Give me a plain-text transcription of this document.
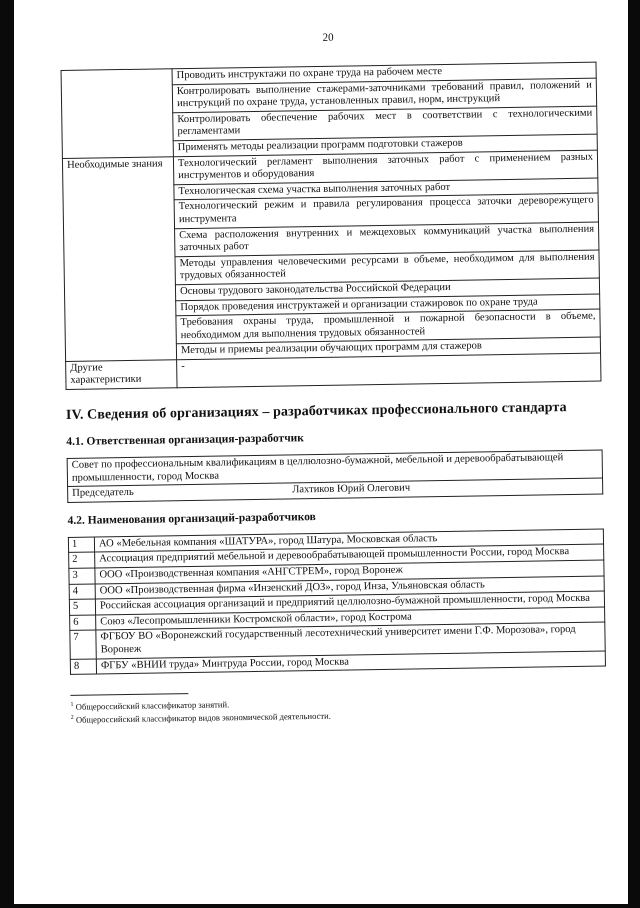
20
	Проводить инструктажи по охране труда на рабочем месте
	Контролировать выполнение стажерами-заточниками требований правил, положений и инструкций по охране труда, установленных правил, норм, инструкций
	Контролировать обеспечение рабочих мест в соответствии с технологическими регламентами
	Применять методы реализации программ подготовки стажеров
Необходимые знания	Технологический регламент выполнения заточных работ с применением разных инструментов и оборудования
	Технологическая схема участка выполнения заточных работ
	Технологический режим и правила регулирования процесса заточки дереворежущего инструмента
	Схема расположения внутренних и межцеховых коммуникаций участка выполнения заточных работ
	Методы управления человеческими ресурсами в объеме, необходимом для выполнения трудовых обязанностей
	Основы трудового законодательства Российской Федерации
	Порядок проведения инструктажей и организации стажировок по охране труда
	Требования охраны труда, промышленной и пожарной безопасности в объеме, необходимом для выполнения трудовых обязанностей
	Методы и приемы реализации обучающих программ для стажеров
Другие характеристики	-
IV. Сведения об организациях – разработчиках профессионального стандарта
4.1. Ответственная организация-разработчик
Совет по профессиональным квалификациям в целлюлозно-бумажной, мебельной и деревообрабатывающей промышленности, город Москва
Председатель	Лахтиков Юрий Олегович
4.2. Наименования организаций-разработчиков
1	АО «Мебельная компания «ШАТУРА», город Шатура, Московская область
2	Ассоциация предприятий мебельной и деревообрабатывающей промышленности России, город Москва
3	ООО «Производственная компания «АНГСТРЕМ», город Воронеж
4	ООО «Производственная фирма «Инзенский ДОЗ», город Инза, Ульяновская область
5	Российская ассоциация организаций и предприятий целлюлозно-бумажной промышленности, город Москва
6	Союз «Лесопромышленники Костромской области», город Кострома
7	ФГБОУ ВО «Воронежский государственный лесотехнический университет имени Г.Ф. Морозова», город Воронеж
8	ФГБУ «ВНИИ труда» Минтруда России, город Москва
$^1$ Общероссийский классификатор занятий.
$^2$ Общероссийский классификатор видов экономической деятельности.
